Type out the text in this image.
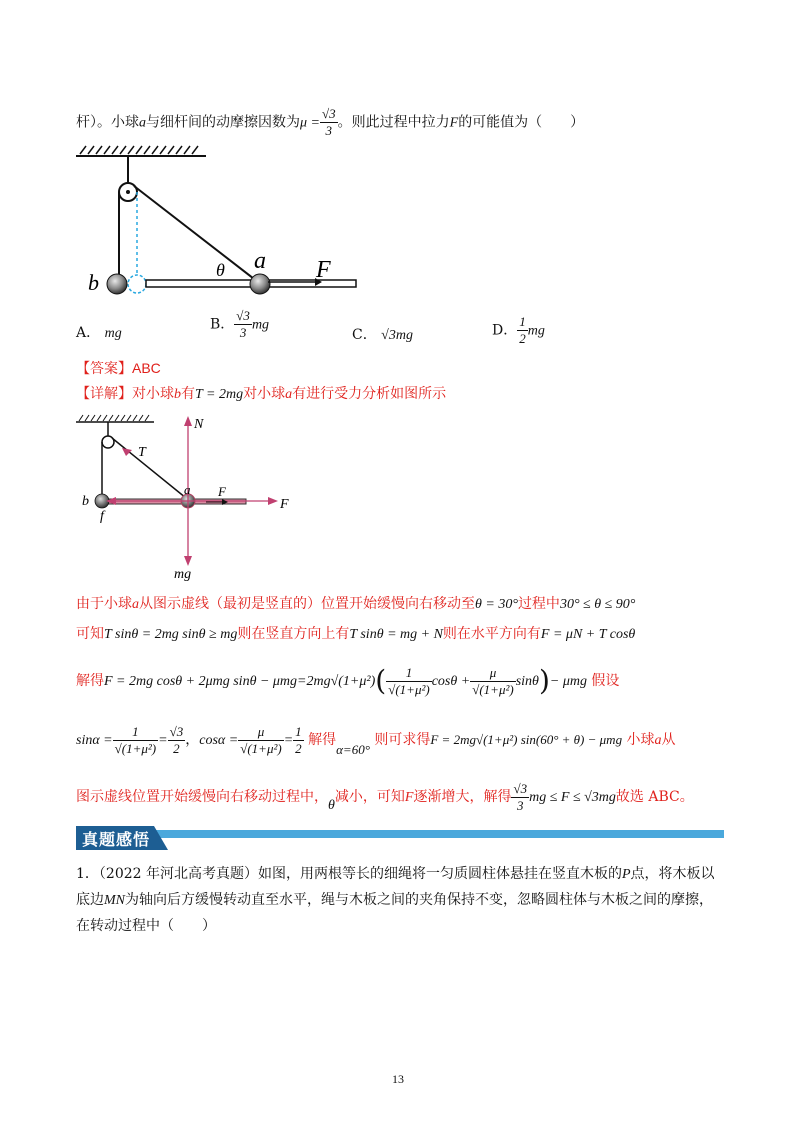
杆）。小球a与细杆间的动摩擦因数为$\mu = \frac{√3}{3}$ 。则此过程中拉力F的可能值为（　　）
b	θ a F
A． mg
B． $\frac{√3}{3}$ mg
C． √3mg	D． $\frac{1}{2}$ mg
【答案】ABC
【详解】对小球b有T = 2mg对小球a有进行受力分析如图所示
N
T
b
a F
F
f
mg
由于小球a从图示虚线（最初是竖直的）位置开始缓慢向右移动至θ = 30°过程中30° ≤ θ ≤ 90°
可知T sinθ = 2mg sinθ ≥ mg则在竖直方向上有T sinθ = mg + N则在水平方向有F = μN + T cosθ
解得F = 2mg cosθ + 2μmg $\sin\theta - \mu mg=2mg√(1+\mu^2)( \frac{1}{\text{√(1+μ²)}}$ $\cos\theta + \frac{\mu}{\text{√(1+μ²)}} \sin\theta)- \mu mg$ 假设
$\sin\alpha = \frac{1}{\text{√(1+μ²)}} = \frac{√3}{2}$ ，$\cos\alpha = \frac{\mu}{\text{√(1+μ²)}} = \frac{1}{2}$ 解得α=60° 则可求得F = 2mg√(1+μ²) sin(60° + θ) − μmg 小球a从
图示虚线位置开始缓慢向右移动过程中，θ减小，可知F逐渐增大，解得 $\frac{√3}{3}$ mg ≤ F ≤ √3mg故选 ABC。
真题感悟
1．（2022 年河北高考真题）如图，用两根等长的细绳将一匀质圆柱体悬挂在竖直木板的P点，将木板以
底边MN为轴向后方缓慢转动直至水平，绳与木板之间的夹角保持不变，忽略圆柱体与木板之间的摩擦，
在转动过程中（　　）
13
